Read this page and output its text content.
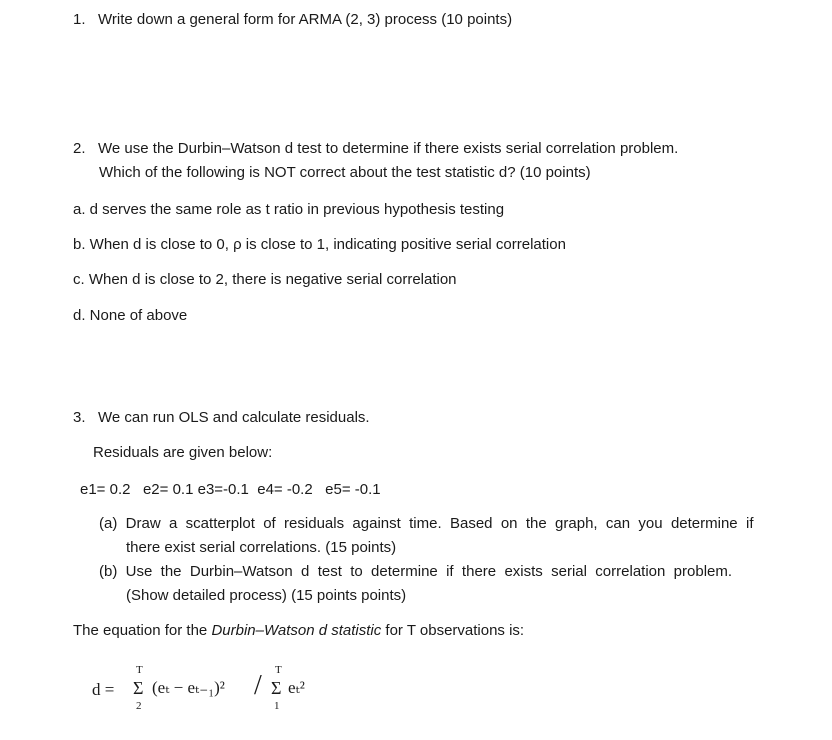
1. Write down a general form for ARMA (2, 3) process (10 points)
2. We use the Durbin–Watson d test to determine if there exists serial correlation problem.
Which of the following is NOT correct about the test statistic d? (10 points)
a. d serves the same role as t ratio in previous hypothesis testing
b. When d is close to 0, ρ is close to 1, indicating positive serial correlation
c. When d is close to 2, there is negative serial correlation
d. None of above
3. We can run OLS and calculate residuals.
Residuals are given below:
e1= 0.2   e2= 0.1 e3=-0.1  e4= -0.2   e5= -0.1
(a)  Draw  a  scatterplot  of  residuals  against  time.  Based  on  the  graph,  can  you  determine  if
there exist serial correlations. (15 points)
(b)  Use  the  Durbin–Watson  d  test  to  determine  if  there  exists  serial  correlation  problem.
(Show detailed process) (15 points points)
The equation for the Durbin–Watson d statistic for T observations is:
d =
T
Σ
2
(eₜ − eₜ₋₁)² / T
Σ
1
eₜ²
